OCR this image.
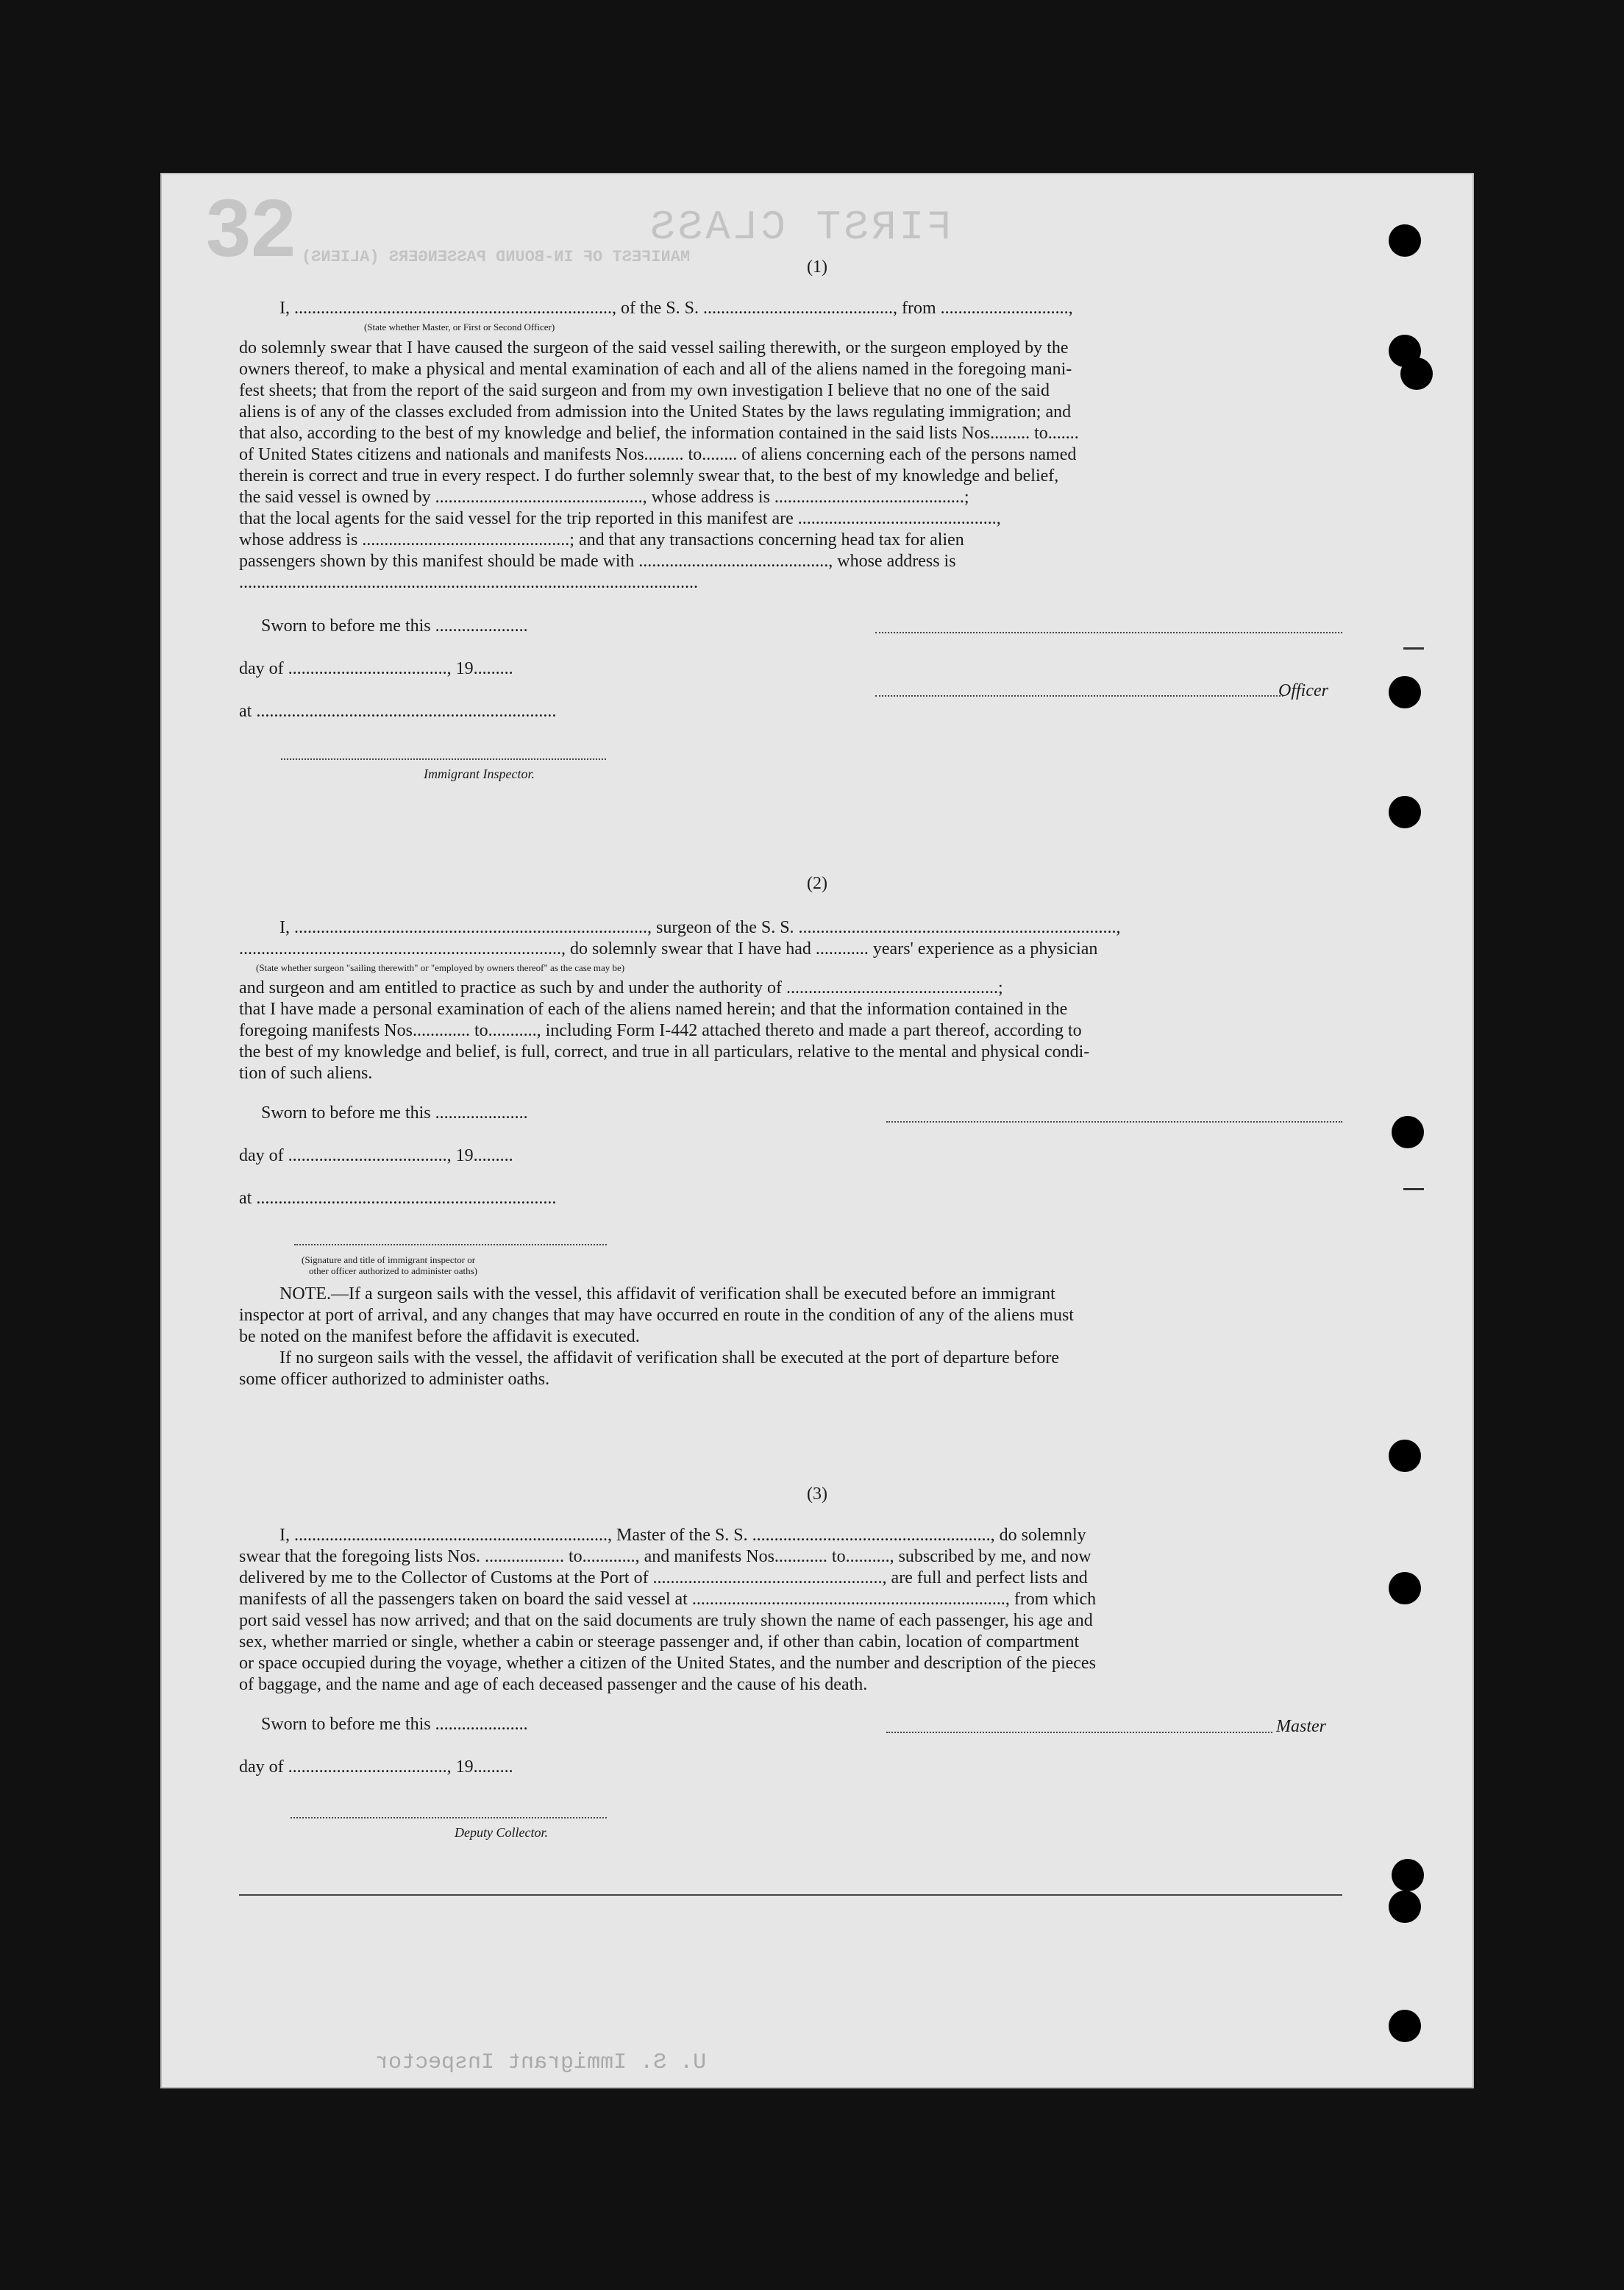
32	FIRST CLASS
MANIFEST OF IN-BOUND PASSENGERS (ALIENS)
U. S. Immigrant Inspector
(1)
I, ........................................................................, of the S. S. ..........................................., from .............................,
(State whether Master, or First or Second Officer)
do solemnly swear that I have caused the surgeon of the said vessel sailing therewith, or the surgeon employed by the
owners thereof, to make a physical and mental examination of each and all of the aliens named in the foregoing mani-
fest sheets; that from the report of the said surgeon and from my own investigation I believe that no one of the said
aliens is of any of the classes excluded from admission into the United States by the laws regulating immigration; and
that also, according to the best of my knowledge and belief, the information contained in the said lists Nos......... to.......
of United States citizens and nationals and manifests Nos......... to........ of aliens concerning each of the persons named
therein is correct and true in every respect. I do further solemnly swear that, to the best of my knowledge and belief,
the said vessel is owned by ..............................................., whose address is ...........................................;
that the local agents for the said vessel for the trip reported in this manifest are .............................................,
whose address is ...............................................; and that any transactions concerning head tax for alien
passengers shown by this manifest should be made with ..........................................., whose address is
........................................................................................................
Sworn to before me this .....................
day of ...................................., 19.........
Officer
at ....................................................................
Immigrant Inspector.
(2)
I, ................................................................................, surgeon of the S. S. ........................................................................,
........................................................................., do solemnly swear that I have had ............ years' experience as a physician
(State whether surgeon "sailing therewith" or "employed by owners thereof" as the case may be)
and surgeon and am entitled to practice as such by and under the authority of ................................................;
that I have made a personal examination of each of the aliens named herein; and that the information contained in the
foregoing manifests Nos............. to..........., including Form I-442 attached thereto and made a part thereof, according to
the best of my knowledge and belief, is full, correct, and true in all particulars, relative to the mental and physical condi-
tion of such aliens.
Sworn to before me this .....................
day of ...................................., 19.........
at ....................................................................
(Signature and title of immigrant inspector or
other officer authorized to administer oaths)
NOTE.—If a surgeon sails with the vessel, this affidavit of verification shall be executed before an immigrant
inspector at port of arrival, and any changes that may have occurred en route in the condition of any of the aliens must
be noted on the manifest before the affidavit is executed.
If no surgeon sails with the vessel, the affidavit of verification shall be executed at the port of departure before
some officer authorized to administer oaths.
(3)
I, ......................................................................., Master of the S. S. ......................................................, do solemnly
swear that the foregoing lists Nos. .................. to............, and manifests Nos............ to.........., subscribed by me, and now
delivered by me to the Collector of Customs at the Port of ...................................................., are full and perfect lists and
manifests of all the passengers taken on board the said vessel at ......................................................................., from which
port said vessel has now arrived; and that on the said documents are truly shown the name of each passenger, his age and
sex, whether married or single, whether a cabin or steerage passenger and, if other than cabin, location of compartment
or space occupied during the voyage, whether a citizen of the United States, and the number and description of the pieces
of baggage, and the name and age of each deceased passenger and the cause of his death.
Sworn to before me this .....................	Master
day of ...................................., 19.........
Deputy Collector.
